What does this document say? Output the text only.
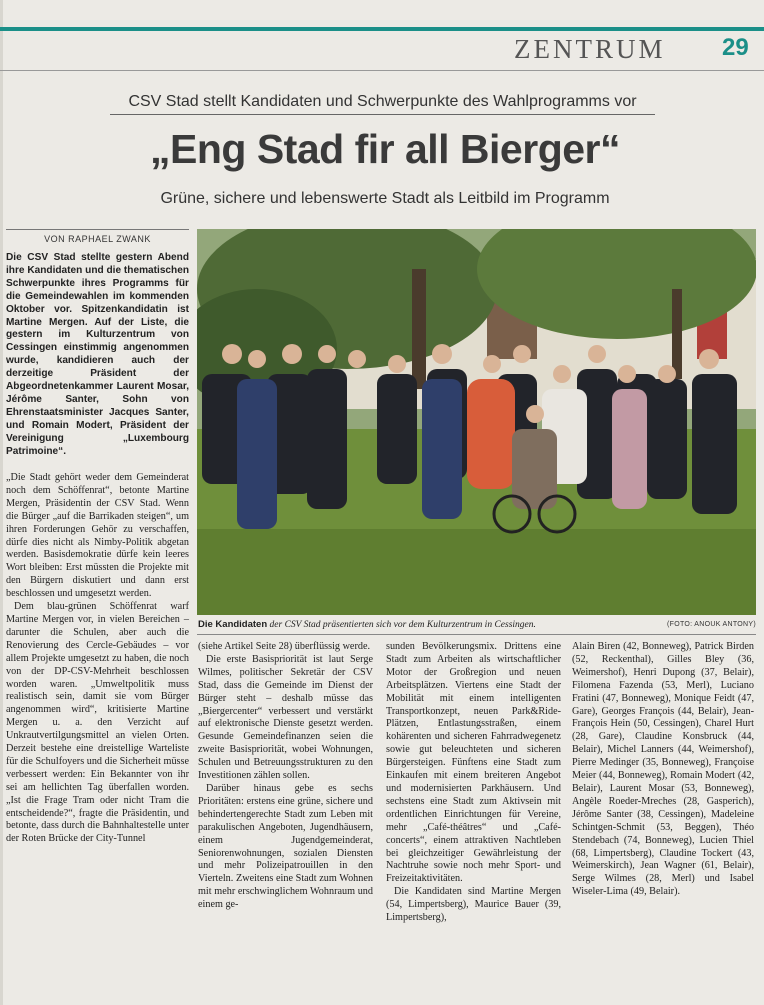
ZENTRUM	29
CSV Stad stellt Kandidaten und Schwerpunkte des Wahlprogramms vor
„Eng Stad fir all Bierger“
Grüne, sichere und lebenswerte Stadt als Leitbild im Programm
VON RAPHAEL ZWANK
Die CSV Stad stellte gestern Abend ihre Kandidaten und die thematischen Schwerpunkte ihres Programms für die Gemeindewahlen im kommenden Oktober vor. Spitzenkandidatin ist Martine Mergen. Auf der Liste, die gestern im Kulturzentrum von Cessingen einstimmig angenommen wurde, kandidieren auch der derzeitige Präsident der Abgeordnetenkammer Laurent Mosar, Jérôme Santer, Sohn von Ehrenstaatsminister Jacques Santer, und Romain Modert, Präsident der Vereinigung „Luxembourg Patrimoine“.

„Die Stadt gehört weder dem Gemeinderat noch dem Schöffenrat“, betonte Martine Mergen, Präsidentin der CSV Stad. Wenn die Bürger „auf die Barrikaden steigen“, um ihren Forderungen Gehör zu verschaffen, dürfe dies nicht als Nimby-Politik abgetan werden. Basisdemokratie dürfe kein leeres Wort bleiben: Erst müssten die Projekte mit den Bürgern diskutiert und dann erst beschlossen und umgesetzt werden.

Dem blau-grünen Schöffenrat warf Martine Mergen vor, in vielen Bereichen – darunter die Schulen, aber auch die Renovierung des Cercle-Gebäudes – vor allem Projekte umgesetzt zu haben, die noch von der DP-CSV-Mehrheit beschlossen worden waren. „Umweltpolitik muss realistisch sein, damit sie vom Bürger angenommen wird“, kritisierte Martine Mergen u. a. den Verzicht auf Unkrautvertilgungsmittel an vielen Orten. Derzeit bestehe eine dreistellige Warteliste für die Schulfoyers und die Sicherheit müsse verbessert werden: Ein Bekannter von ihr sei am hellichten Tag überfallen worden. „Ist die Frage Tram oder nicht Tram die entscheidende?“, fragte die Präsidentin, und betonte, dass durch die Bahnhaltestelle unter der Roten Brücke der City-Tunnel

Die Kandidaten der CSV Stad präsentierten sich vor dem Kulturzentrum in Cessingen.	(FOTO: ANOUK ANTONY)

(siehe Artikel Seite 28) überflüssig werde.

Die erste Basispriorität ist laut Serge Wilmes, politischer Sekretär der CSV Stad, dass die Gemeinde im Dienst der Bürger steht – deshalb müsse das „Biergercenter“ verbessert und verstärkt auf elektronische Dienste gesetzt werden. Gesunde Gemeindefinanzen seien die zweite Basispriorität, wobei Wohnungen, Schulen und Betreuungsstrukturen zu den Investitionen zählen sollen.

Darüber hinaus gebe es sechs Prioritäten: erstens eine grüne, sichere und behindertengerechte Stadt zum Leben mit parakulischen Angeboten, Jugendhäusern, einem Jugendgemeinderat, Seniorenwohnungen, sozialen Diensten und mehr Polizeipatrouillen in den Vierteln. Zweitens eine Stadt zum Wohnen mit mehr erschwinglichem Wohnraum und einem ge-

sunden Bevölkerungsmix. Drittens eine Stadt zum Arbeiten als wirtschaftlicher Motor der Großregion und neuen Arbeitsplätzen. Viertens eine Stadt der Mobilität mit einem intelligenten Transportkonzept, neuen Park&Ride-Plätzen, Entlastungsstraßen, einem kohärenten und sicheren Fahrradwegenetz sowie gut beleuchteten und sicheren Bürgersteigen. Fünftens eine Stadt zum Einkaufen mit einem breiteren Angebot und modernisierten Parkhäusern. Und sechstens eine Stadt zum Aktivsein mit ordentlichen Einrichtungen für Vereine, mehr „Café-théâtres“ und „Café-concerts“, einem attraktiven Nachtleben bei gleichzeitiger Gewährleistung der Nachtruhe sowie noch mehr Sport- und Freizeitaktivitäten.

Die Kandidaten sind Martine Mergen (54, Limpertsberg), Maurice Bauer (39, Limpertsberg),

Alain Biren (42, Bonneweg), Patrick Birden (52, Reckenthal), Gilles Bley (36, Weimershof), Henri Dupong (37, Belair), Filomena Fazenda (53, Merl), Luciano Fratini (47, Bonneweg), Monique Feidt (47, Gare), Georges François (44, Belair), Jean-François Hein (50, Cessingen), Charel Hurt (28, Gare), Claudine Konsbruck (44, Belair), Michel Lanners (44, Weimershof), Pierre Medinger (35, Bonneweg), Françoise Meier (44, Bonneweg), Romain Modert (42, Belair), Laurent Mosar (53, Bonneweg), Angèle Roeder-Mreches (28, Gasperich), Jérôme Santer (38, Cessingen), Madeleine Schintgen-Schmit (53, Beggen), Théo Stendebach (74, Bonneweg), Lucien Thiel (68, Limpertsberg), Claudine Tockert (43, Weimerskirch), Jean Wagner (61, Belair), Serge Wilmes (28, Merl) und Isabel Wiseler-Lima (49, Belair).
